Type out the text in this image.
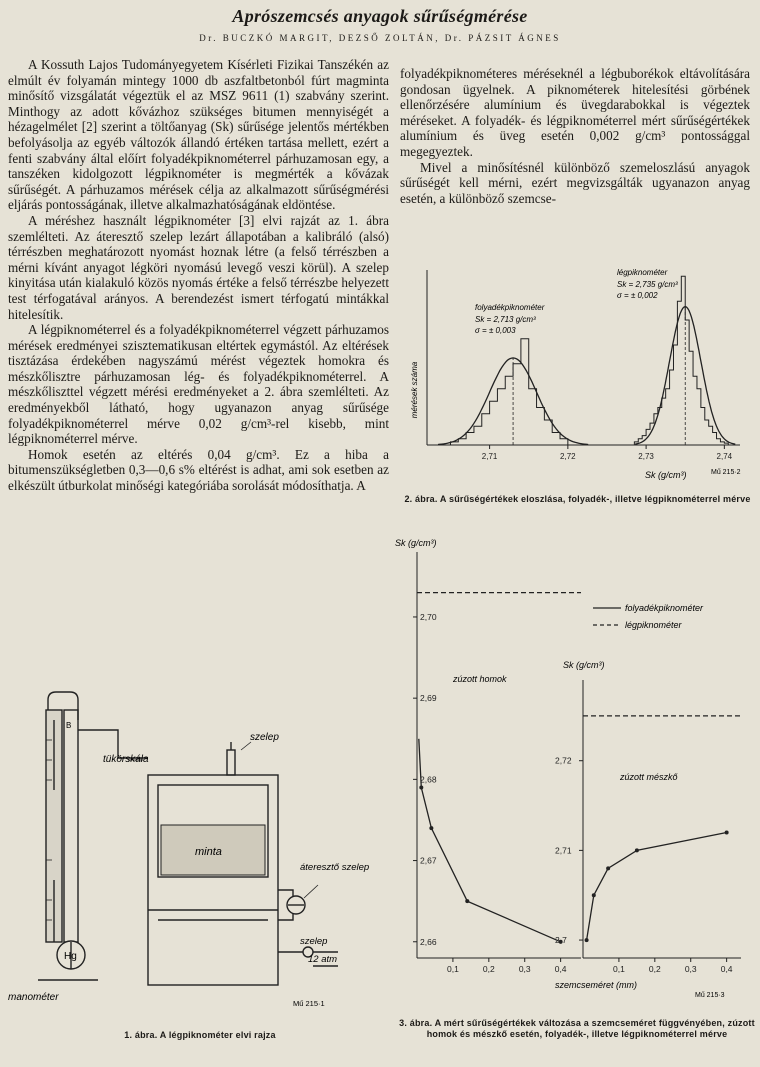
Aprószemcsés anyagok sűrűségmérése
Dr. BUCZKÓ MARGIT, DEZSŐ ZOLTÁN, Dr. PÁZSIT ÁGNES

A Kossuth Lajos Tudományegyetem Kísérleti Fizikai Tanszékén az elmúlt év folyamán mintegy 1000 db aszfaltbetonból fúrt magminta minősítő vizsgálatát végeztük el az MSZ 9611 (1) szabvány szerint. Minthogy az adott kővázhoz szükséges bitumen mennyiségét a hézagelmélet [2] szerint a töltőanyag (Sk) sűrűsége jelentős mértékben befolyásolja az egyéb változók állandó értéken tartása mellett, ezért a fenti szabvány által előírt folyadékpiknométerrel párhuzamosan egy, a tanszéken kidolgozott légpiknométer is megmérték a kővázak sűrűségét. A párhuzamos mérések célja az alkalmazott sűrűségmérési eljárás pontosságának, illetve alkalmazhatóságának eldöntése.

A méréshez használt légpiknométer [3] elvi rajzát az 1. ábra szemlélteti. Az áteresztő szelep lezárt állapotában a kalibráló (alsó) térrészben meghatározott nyomást hoznak létre (a felső térrészben a mérni kívánt anyagot légköri nyomású levegő veszi körül). A szelep kinyitása után kialakuló közös nyomás értéke a felső térrészbe helyezett test térfogatával arányos. A berendezést ismert térfogatú mintákkal hitelesítik.

A légpiknométerrel és a folyadékpiknométerrel végzett párhuzamos mérések eredményei szisztematikusan eltértek egymástól. Az eltérések tisztázása érdekében nagyszámú mérést végeztek homokra és mészkőlisztre párhuzamosan lég- és folyadékpiknométerrel. A mészkőliszttel végzett mérési eredményeket a 2. ábra szemlélteti. Az eredményekből látható, hogy ugyanazon anyag sűrűsége folyadékpiknométerrel mérve 0,02 g/cm³-rel kisebb, mint légpiknométerrel mérve.

Homok esetén az eltérés 0,04 g/cm³. Ez a hiba a bitumenszükségletben 0,3—0,6 s% eltérést is adhat, ami sok esetben az elkészült útburkolat minőségi kategóriába sorolását módosíthatja. A

folyadékpiknométeres méréseknél a légbuborékok eltávolítására gondosan ügyelnek. A piknométerek hitelesítési görbének ellenőrzésére alumínium és üvegdarabokkal is végeztek méréseket. A folyadék- és légpiknométerrel mért sűrűségértékek alumínium és üveg esetén 0,002 g/cm³ pontossággal megegyeztek.

Mivel a minősítésnél különböző szemeloszlású anyagok sűrűségét kell mérni, ezért megvizsgálták ugyanazon anyag esetén, a különböző szemcse-

tükörskála
szelep
minta
áteresztő szelep
szelep
12 atm
manométer
Hg
B
Mű 215·1
1. ábra. A légpiknométer elvi rajza
2,71	2,72	2,73	2,74
mérések száma
Sk (g/cm³)
folyadékpiknométer
Sk = 2,713 g/cm³
σ = ± 0,003
légpiknométer
Sk = 2,735 g/cm³
σ = ± 0,002
Mű 215·2
2. ábra. A sűrűségértékek eloszlása, folyadék-, illetve légpiknométerrel mérve
2,66
2,67
2,68
2,69
2,70
0,1	0,2	0,3	0,4
2,7
2,71
2,72
0,1	0,2	0,3	0,4
Sk (g/cm³)
Sk (g/cm³)
zúzott homok
zúzott mészkő
szemcseméret (mm)
folyadékpiknométer
légpiknométer
Mű 215·3
3. ábra. A mért sűrűségértékek változása a szemcseméret függvényében, zúzott homok és mészkő esetén, folyadék-, illetve légpiknométerrel mérve
